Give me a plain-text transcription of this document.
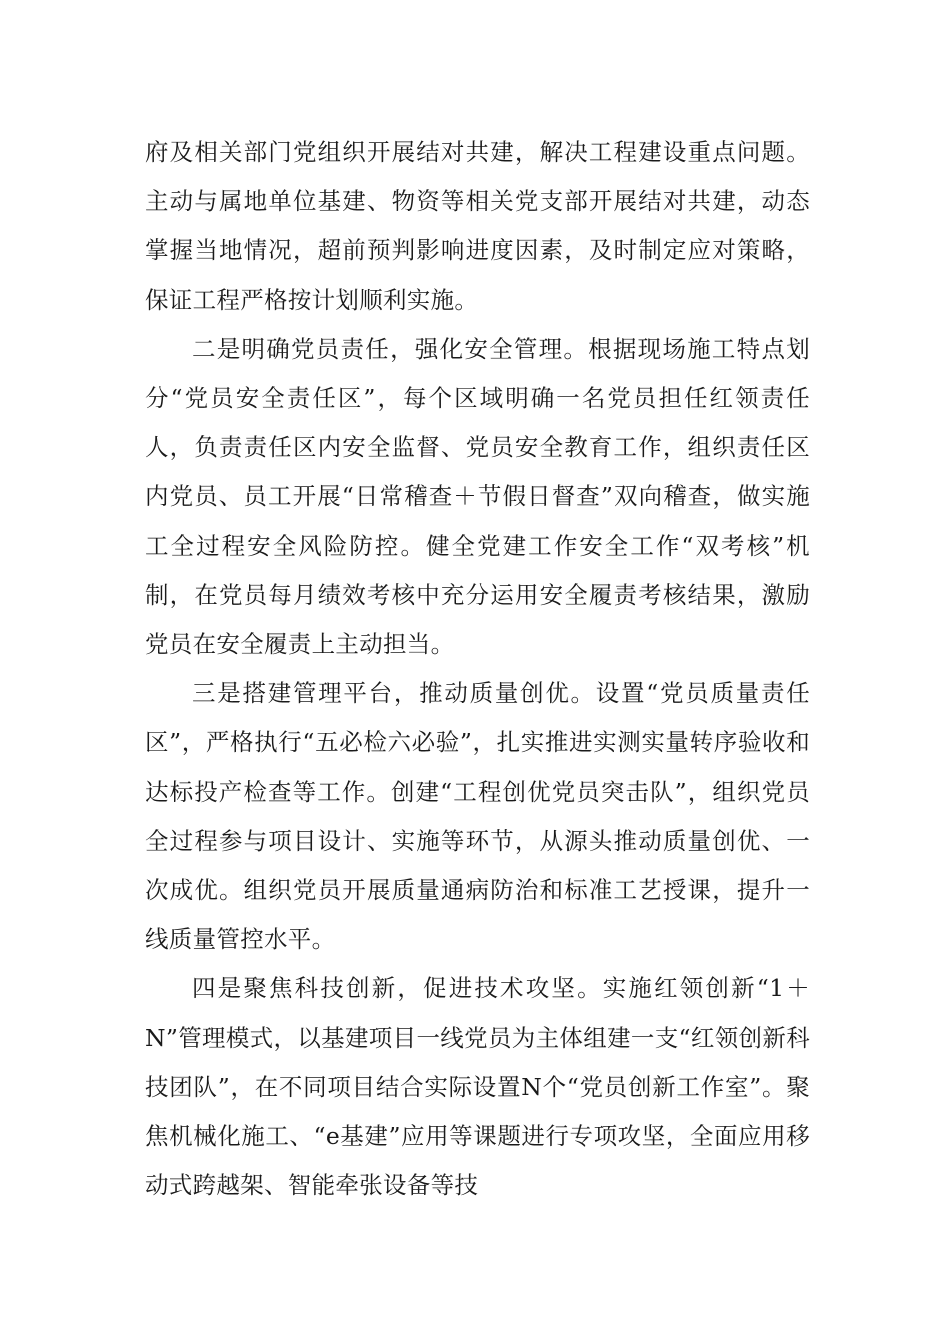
府及相关部门党组织开展结对共建，解决工程建设重点问题。主动与属地单位基建、物资等相关党支部开展结对共建，动态掌握当地情况，超前预判影响进度因素，及时制定应对策略，保证工程严格按计划顺利实施。

二是明确党员责任，强化安全管理。根据现场施工特点划分“党员安全责任区”，每个区域明确一名党员担任红领责任人，负责责任区内安全监督、党员安全教育工作，组织责任区内党员、员工开展“日常稽查＋节假日督查”双向稽查，做实施工全过程安全风险防控。健全党建工作安全工作“双考核”机制，在党员每月绩效考核中充分运用安全履责考核结果，激励党员在安全履责上主动担当。

三是搭建管理平台，推动质量创优。设置“党员质量责任区”，严格执行“五必检六必验”，扎实推进实测实量转序验收和达标投产检查等工作。创建“工程创优党员突击队”，组织党员全过程参与项目设计、实施等环节，从源头推动质量创优、一次成优。组织党员开展质量通病防治和标准工艺授课，提升一线质量管控水平。

四是聚焦科技创新，促进技术攻坚。实施红领创新“1＋N”管理模式，以基建项目一线党员为主体组建一支“红领创新科技团队”，在不同项目结合实际设置N个“党员创新工作室”。聚焦机械化施工、“e基建”应用等课题进行专项攻坚，全面应用移动式跨越架、智能牵张设备等技
